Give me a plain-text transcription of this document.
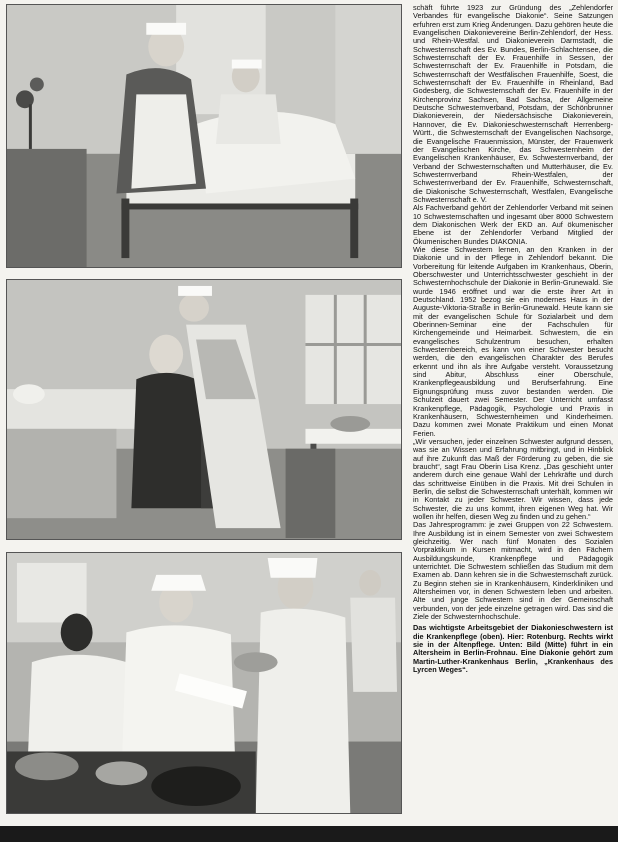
schäft führte 1923 zur Gründung des „Zehlendorfer Verbandes für evangelische Diakonie“. Seine Satzungen erfuhren erst zum Krieg Änderungen. Dazu gehören heute die Evangelischen Diakonievereine Berlin-Zehlendorf, der Hess. und Rhein-Westfal. und Diakonieverein Darmstadt, die Schwesternschaft des Ev. Bundes, Berlin-Schlachtensee, die Schwesternschaft der Ev. Frauenhilfe in Sessen, der Schwesternschaft der Ev. Frauenhilfe in Potsdam, die Schwesternschaft der Westfälischen Frauenhilfe, Soest, die Schwesternschaft der Ev. Frauenhilfe in Rheinland, Bad Godesberg, die Schwesternschaft der Ev. Frauenhilfe in der Kirchenprovinz Sachsen, Bad Sachsa, der Allgemeine Deutsche Schwesternverband, Potsdam, der Schönbrunner Diakonieverein, der Niedersächsische Diakonieverein, Hannover, die Ev. Diakonieschwesternschaft Herrenberg-Württ., die Schwesternschaft der Evangelischen Nachsorge, die Evangelische Frauenmission, Münster, der Frauenwerk der Evangelischen Kirche, das Schwesternheim der Evangelischen Krankenhäuser, Ev. Schwesternverband, der Verband der Schwesternschaften und Mutterhäuser, die Ev. Schwesternverband Rhein-Westfalen, der Schwesternverband der Ev. Frauenhilfe, Schwesternschaft, die Diakonische Schwesternschaft, Westfalen, Evangelische Schwesternschaft e. V.

Als Fachverband gehört der Zehlendorfer Verband mit seinen 10 Schwesternschaften und ingesamt über 8000 Schwestern dem Diakonischen Werk der EKD an. Auf ökumenischer Ebene ist der Zehlendorfer Verband Mitglied der Ökumenischen Bundes DIAKONIA.

Wie diese Schwestern lernen, an den Kranken in der Diakonie und in der Pflege in Zehlendorf bekannt. Die Vorbereitung für leitende Aufgaben im Krankenhaus, Oberin, Oberschwester und Unterrichtsschwester geschieht in der Schwesternhochschule der Diakonie in Berlin-Grunewald. Sie wurde 1946 eröffnet und war die erste ihrer Art in Deutschland. 1952 bezog sie ein modernes Haus in der Auguste-Viktoria-Straße in Berlin-Grunewald. Heute kann sie mit der evangelischen Schule für Sozialarbeit und dem Oberinnen-Seminar eine der Fachschulen für Kirchengemeinde und Heimarbeit. Schwestern, die ein evangelisches Schulzentrum besuchen, erhalten Schwesternbereich, es kann von einer Schwester besucht werden, die den evangelischen Charakter des Berufes erkennt und ihn als ihre Aufgabe versteht. Voraussetzung sind Abitur, Abschluss einer Oberschule, Krankenpflegeausbildung und Berufserfahrung. Eine Eignungsprüfung muss zuvor bestanden werden. Die Schulzeit dauert zwei Semester. Der Unterricht umfasst Krankenpflege, Pädagogik, Psychologie und Praxis in Krankenhäusern, Schwesternheimen und Kinderheimen. Dazu kommen zwei Monate Praktikum und einen Monat Ferien.

„Wir versuchen, jeder einzelnen Schwester aufgrund dessen, was sie an Wissen und Erfahrung mitbringt, und in Hinblick auf ihre Zukunft das Maß der Förderung zu geben, die sie braucht“, sagt Frau Oberin Lisa Krenz. „Das geschieht unter anderem durch eine genaue Wahl der Lehrkräfte und durch das schrittweise Einüben in die Praxis. Mit drei Schulen in Berlin, die selbst die Schwesternschaft unterhält, kommen wir in Kontakt zu jeder Schwester. Wir wissen, dass jede Schwester, die zu uns kommt, ihren eigenen Weg hat. Wir wollen ihr helfen, diesen Weg zu finden und zu gehen.“

Das Jahresprogramm: je zwei Gruppen von 22 Schwestern. Ihre Ausbildung ist in einem Semester von zwei Schwestern gleichzeitig. Wer nach fünf Monaten des Sozialen Vorpraktikum in Kursen mitmacht, wird in den Fächern Ausbildungskunde, Krankenpflege und Pädagogik unterrichtet. Die Schwestern schließen das Studium mit dem Examen ab. Dann kehren sie in die Schwesternschaft zurück. Zu Beginn stehen sie in Krankenhäusern, Kinderkliniken und Altersheimen vor, in denen Schwestern leben und arbeiten. Alte und junge Schwestern sind in der Gemeinschaft verbunden, von der jede einzelne getragen wird. Das sind die Ziele der Schwesternhochschule.

Das wichtigste Arbeitsgebiet der Diakonieschwestern ist die Krankenpflege (oben). Hier: Rotenburg. Rechts wirkt sie in der Altenpflege. Unten: Bild (Mitte) führt in ein Altersheim in Berlin-Frohnau. Eine Diakonie gehört zum Martin-Luther-Krankenhaus Berlin, „Krankenhaus des Lyrcen Weges“.
